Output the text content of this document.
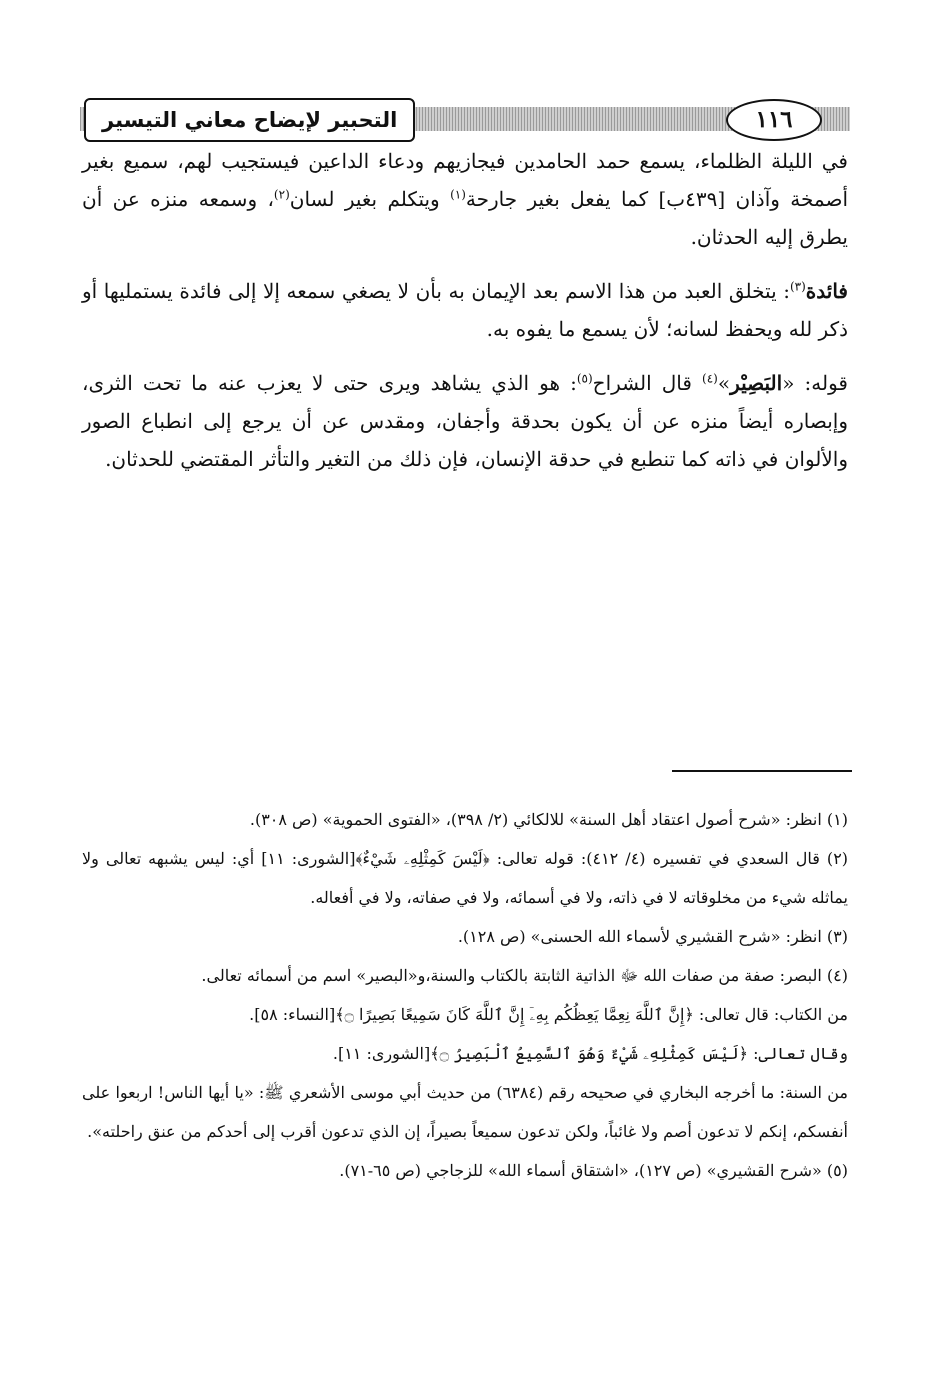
التحبير لإيضاح معاني التيسير	١١٦

في الليلة الظلماء، يسمع حمد الحامدين فيجازيهم ودعاء الداعين فيستجيب لهم، سميع بغير أصمخة وآذان [٤٣٩ب] كما يفعل بغير جارحة$^{(١)}$ ويتكلم بغير لسان$^{(٢)}$، وسمعه منزه عن أن يطرق إليه الحدثان.

فائدة$^{(٣)}$: يتخلق العبد من هذا الاسم بعد الإيمان به بأن لا يصغي سمعه إلا إلى فائدة يستمليها أو ذكر لله ويحفظ لسانه؛ لأن يسمع ما يفوه به.

قوله: «البَصِيْر»$^{(٤)}$ قال الشراح$^{(٥)}$: هو الذي يشاهد ويرى حتى لا يعزب عنه ما تحت الثرى، وإبصاره أيضاً منزه عن أن يكون بحدقة وأجفان، ومقدس عن أن يرجع إلى انطباع الصور والألوان في ذاته كما تنطبع في حدقة الإنسان، فإن ذلك من التغير والتأثر المقتضي للحدثان.

(١) انظر: «شرح أصول اعتقاد أهل السنة» للالكائي (٢/ ٣٩٨)، «الفتوى الحموية» (ص ٣٠٨).

(٢) قال السعدي في تفسيره (٤/ ٤١٢): قوله تعالى: ﴿لَيْسَ كَمِثْلِهِۦ شَيْءٌ﴾[الشورى: ١١] أي: ليس يشبهه تعالى ولا يماثله شيء من مخلوقاته لا في ذاته، ولا في أسمائه، ولا في صفاته، ولا في أفعاله.

(٣) انظر: «شرح القشيري لأسماء الله الحسنى» (ص ١٢٨).

(٤) البصر: صفة من صفات الله ﷻ الذاتية الثابتة بالكتاب والسنة،و«البصير» اسم من أسمائه تعالى.

من الكتاب: قال تعالى: ﴿إِنَّ ٱللَّهَ نِعِمَّا يَعِظُكُم بِهِۦٓ إِنَّ ٱللَّهَ كَانَ سَمِيعًا بَصِيرًا ۝﴾[النساء: ٥٨].

وقال تعالى: ﴿لَيْسَ كَمِثْلِهِۦ شَيْءٌ وَهُوَ ٱلسَّمِيعُ ٱلْبَصِيرُ ۝﴾[الشورى: ١١].

من السنة: ما أخرجه البخاري في صحيحه رقم (٦٣٨٤) من حديث أبي موسى الأشعري ﷺ: «يا أيها الناس! اربعوا على أنفسكم، إنكم لا تدعون أصم ولا غائباً، ولكن تدعون سميعاً بصيراً، إن الذي تدعون أقرب إلى أحدكم من عنق راحلته».

(٥) «شرح القشيري» (ص ١٢٧)، «اشتقاق أسماء الله» للزجاجي (ص ٦٥-٧١).
